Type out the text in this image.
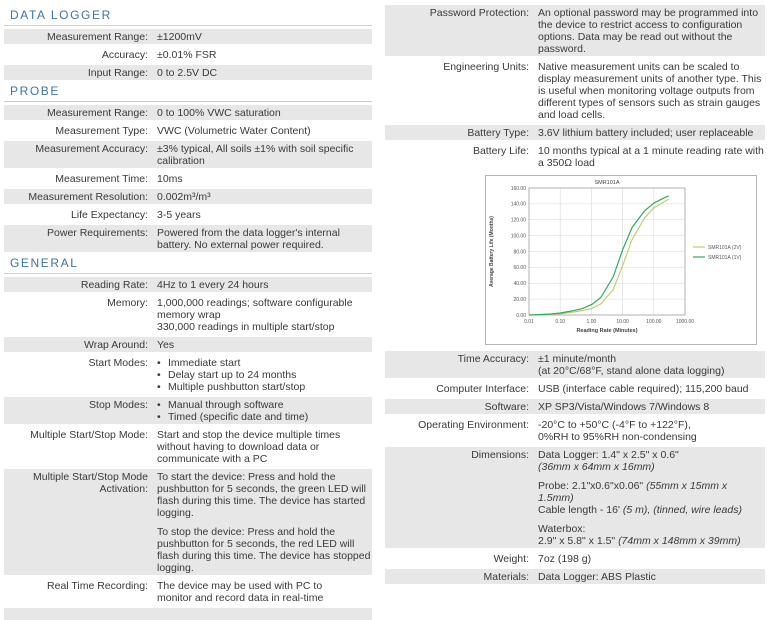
DATA LOGGER
Measurement Range: ±1200mV
Accuracy: ±0.01% FSR
Input Range: 0 to 2.5V DC
PROBE
Measurement Range: 0 to 100% VWC saturation
Measurement Type: VWC (Volumetric Water Content)
Measurement Accuracy: ±3% typical, All soils ±1% with soil specific calibration
Measurement Time: 10ms
Measurement Resolution: 0.002m³/m³
Life Expectancy: 3-5 years
Power Requirements: Powered from the data logger's internal battery. No external power required.
GENERAL
Reading Rate: 4Hz to 1 every 24 hours
Memory: 1,000,000 readings; software configurable
memory wrap
330,000 readings in multiple start/stop
Wrap Around: Yes
Start Modes: • Immediate start
• Delay start up to 24 months
• Multiple pushbutton start/stop
Stop Modes: • Manual through software
• Timed (specific date and time)
Multiple Start/Stop Mode: Start and stop the device multiple times without having to download data or communicate with a PC
Multiple Start/Stop Mode Activation:
To start the device: Press and hold the pushbutton for 5 seconds, the green LED will flash during this time. The device has started logging.
To stop the device: Press and hold the pushbutton for 5 seconds, the red LED will flash during this time. The device has stopped logging.
Real Time Recording: The device may be used with PC to
monitor and record data in real-time
Password Protection: An optional password may be programmed into the device to restrict access to configuration options. Data may be read out without the password.
Engineering Units: Native measurement units can be scaled to display measurement units of another type. This is useful when monitoring voltage outputs from different types of sensors such as strain gauges and load cells.
Battery Type: 3.6V lithium battery included; user replaceable
Battery Life: 10 months typical at a 1 minute reading rate with a 350Ω load
0.00
20.00
40.00
60.00
80.00
100.00
120.00
140.00
160.00
0.01	0.10	1.00	10.00	100.00	1000.00
SMR101A
Average Battery Life (Months)
Reading Rate (Minutes)
SMR101A (2V)
SMR101A (1V)
Time Accuracy: ±1 minute/month
(at 20°C/68°F, stand alone data logging)
Computer Interface: USB (interface cable required); 115,200 baud
Software: XP SP3/Vista/Windows 7/Windows 8
Operating Environment: -20°C to +50°C (-4°F to +122°F),
0%RH to 95%RH non-condensing
Dimensions: Data Logger: 1.4" x 2.5" x 0.6"
(36mm x 64mm x 16mm)
Probe: 2.1"x0.6"x0.06" (55mm x 15mm x 1.5mm)
Cable length - 16' (5 m), (tinned, wire leads)
Waterbox:
2.9" x 5.8" x 1.5" (74mm x 148mm x 39mm)
Weight: 7oz (198 g)
Materials: Data Logger: ABS Plastic
